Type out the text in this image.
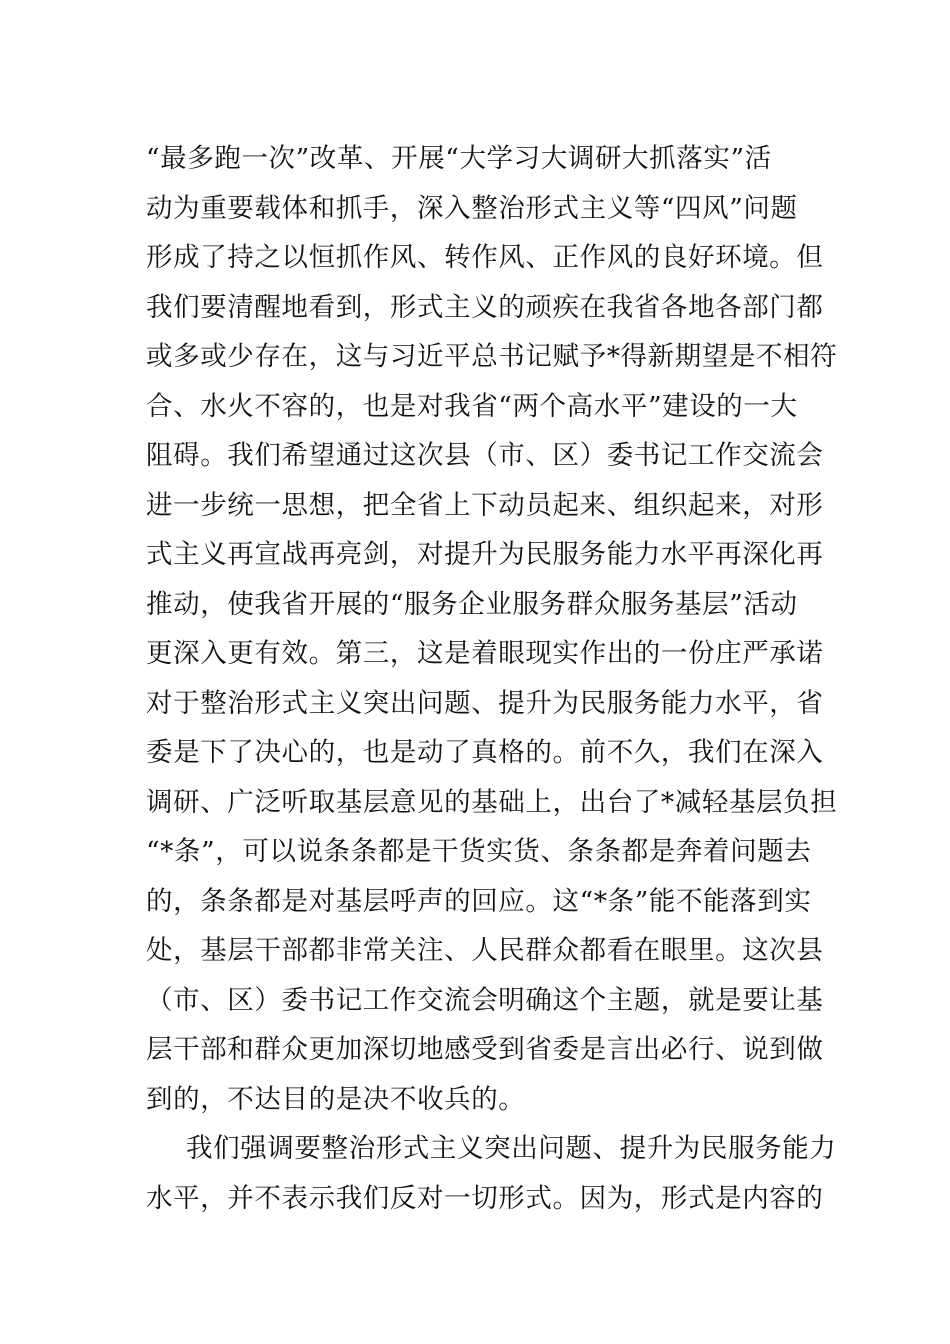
“最多跑一次”改革、开展“大学习大调研大抓落实”活
动为重要载体和抓手，深入整治形式主义等“四风”问题
形成了持之以恒抓作风、转作风、正作风的良好环境。但
我们要清醒地看到，形式主义的顽疾在我省各地各部门都
或多或少存在，这与习近平总书记赋予*得新期望是不相符
合、水火不容的，也是对我省“两个高水平”建设的一大
阻碍。我们希望通过这次县（市、区）委书记工作交流会
进一步统一思想，把全省上下动员起来、组织起来，对形
式主义再宣战再亮剑，对提升为民服务能力水平再深化再
推动，使我省开展的“服务企业服务群众服务基层”活动
更深入更有效。第三，这是着眼现实作出的一份庄严承诺
对于整治形式主义突出问题、提升为民服务能力水平，省
委是下了决心的，也是动了真格的。前不久，我们在深入
调研、广泛听取基层意见的基础上，出台了*减轻基层负担
“*条”，可以说条条都是干货实货、条条都是奔着问题去
的，条条都是对基层呼声的回应。这“*条”能不能落到实
处，基层干部都非常关注、人民群众都看在眼里。这次县
（市、区）委书记工作交流会明确这个主题，就是要让基
层干部和群众更加深切地感受到省委是言出必行、说到做
到的，不达目的是决不收兵的。
我们强调要整治形式主义突出问题、提升为民服务能力
水平，并不表示我们反对一切形式。因为，形式是内容的
